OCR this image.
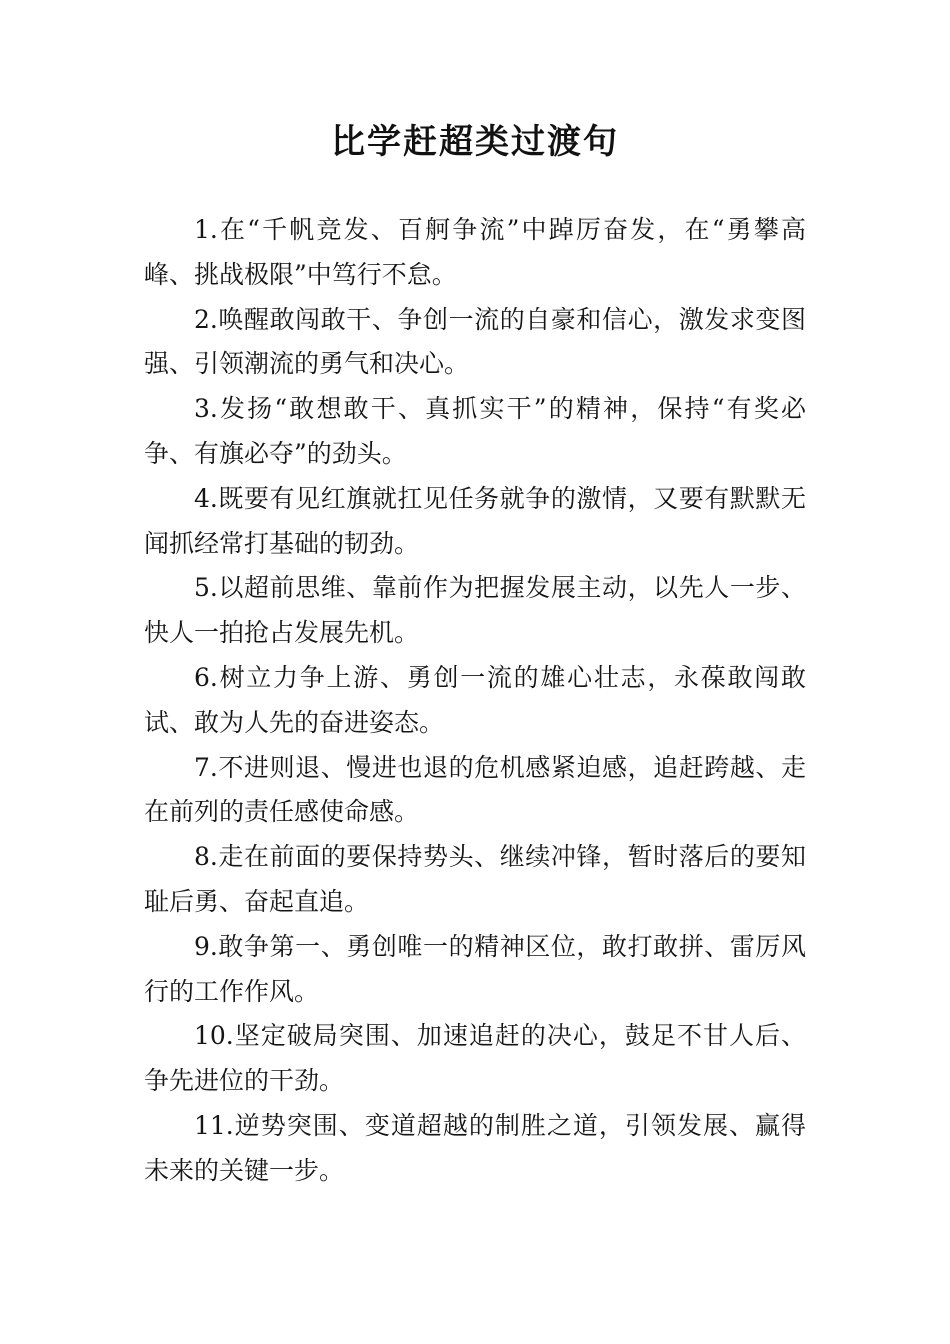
比学赶超类过渡句

1.在“千帆竞发、百舸争流”中踔厉奋发，在“勇攀高峰、挑战极限”中笃行不怠。

2.唤醒敢闯敢干、争创一流的自豪和信心，激发求变图强、引领潮流的勇气和决心。

3.发扬“敢想敢干、真抓实干”的精神，保持“有奖必争、有旗必夺”的劲头。

4.既要有见红旗就扛见任务就争的激情，又要有默默无闻抓经常打基础的韧劲。

5.以超前思维、靠前作为把握发展主动，以先人一步、快人一拍抢占发展先机。

6.树立力争上游、勇创一流的雄心壮志，永葆敢闯敢试、敢为人先的奋进姿态。

7.不进则退、慢进也退的危机感紧迫感，追赶跨越、走在前列的责任感使命感。

8.走在前面的要保持势头、继续冲锋，暂时落后的要知耻后勇、奋起直追。

9.敢争第一、勇创唯一的精神区位，敢打敢拼、雷厉风行的工作作风。

10.坚定破局突围、加速追赶的决心，鼓足不甘人后、争先进位的干劲。

11.逆势突围、变道超越的制胜之道，引领发展、赢得未来的关键一步。
